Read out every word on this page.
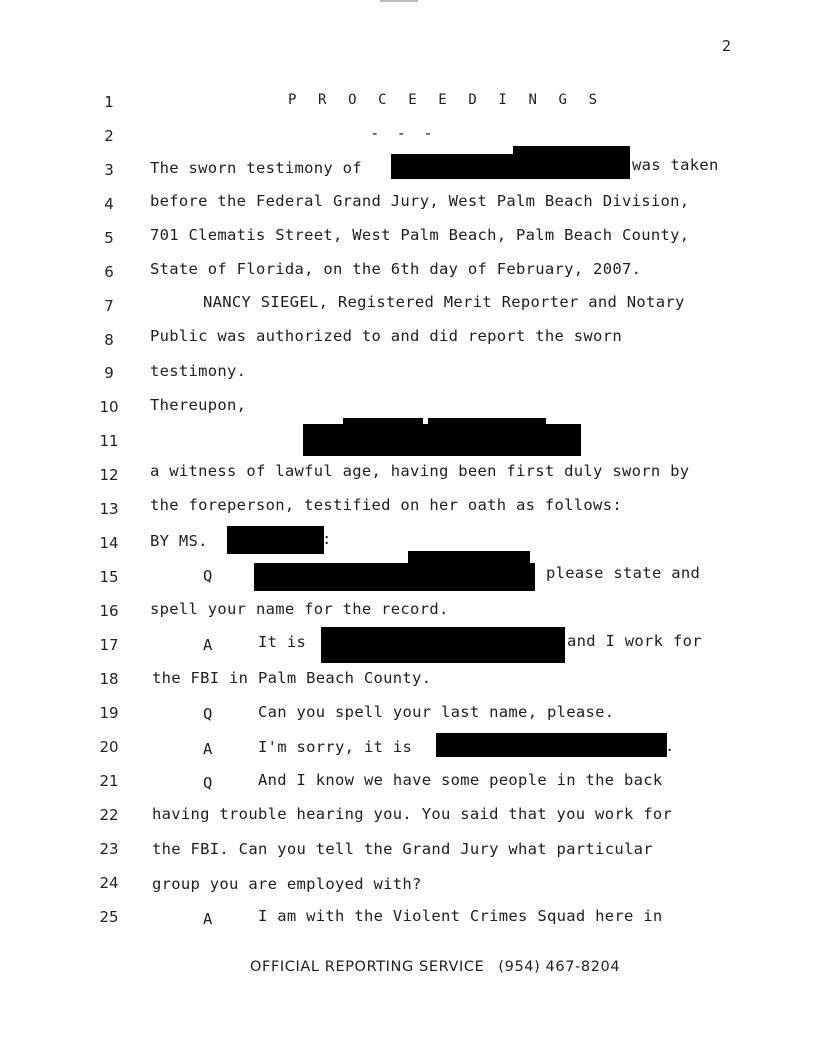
2
1
2
3
4
5
6
7
8
9
10
11
12
13
14
15
16
17
18
19
20
21
22
23
24
25
P R O C E E D I N G S
- - -
The sworn testimony of	was taken
before the Federal Grand Jury, West Palm Beach Division,
701 Clematis Street, West Palm Beach, Palm Beach County,
State of Florida, on the 6th day of February, 2007.
NANCY SIEGEL, Registered Merit Reporter and Notary
Public was authorized to and did report the sworn
testimony.
Thereupon,
a witness of lawful age, having been first duly sworn by
the foreperson, testified on her oath as follows:
BY MS.	:
Q	please state and
spell your name for the record.
A	It is	and I work for
the FBI in Palm Beach County.
Q	Can you spell your last name, please.
A	I'm sorry, it is	.
Q	And I know we have some people in the back
having trouble hearing you. You said that you work for
the FBI. Can you tell the Grand Jury what particular
group you are employed with?
A	I am with the Violent Crimes Squad here in
OFFICIAL REPORTING SERVICE (954) 467-8204
